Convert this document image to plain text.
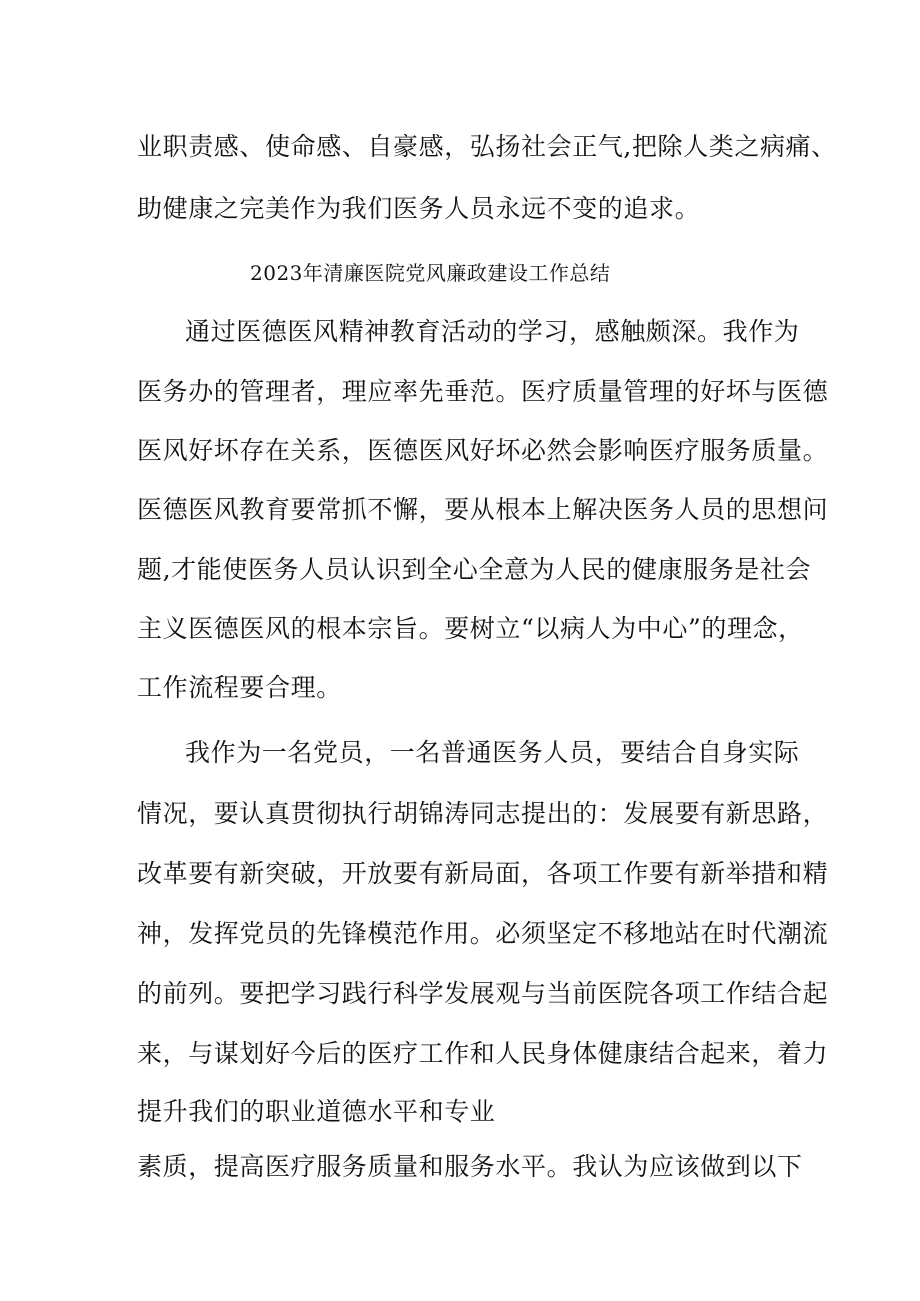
业职责感、使命感、自豪感，弘扬社会正气,把除人类之病痛、
助健康之完美作为我们医务人员永远不变的追求。
2023年清廉医院党风廉政建设工作总结
通过医德医风精神教育活动的学习，感触颇深。我作为
医务办的管理者，理应率先垂范。医疗质量管理的好坏与医德
医风好坏存在关系，医德医风好坏必然会影响医疗服务质量。
医德医风教育要常抓不懈，要从根本上解决医务人员的思想问
题,才能使医务人员认识到全心全意为人民的健康服务是社会
主义医德医风的根本宗旨。要树立“以病人为中心”的理念，
工作流程要合理。
我作为一名党员，一名普通医务人员，要结合自身实际
情况，要认真贯彻执行胡锦涛同志提出的：发展要有新思路，
改革要有新突破，开放要有新局面，各项工作要有新举措和精
神，发挥党员的先锋模范作用。必须坚定不移地站在时代潮流
的前列。要把学习践行科学发展观与当前医院各项工作结合起
来，与谋划好今后的医疗工作和人民身体健康结合起来，着力
提升我们的职业道德水平和专业
素质，提高医疗服务质量和服务水平。我认为应该做到以下
